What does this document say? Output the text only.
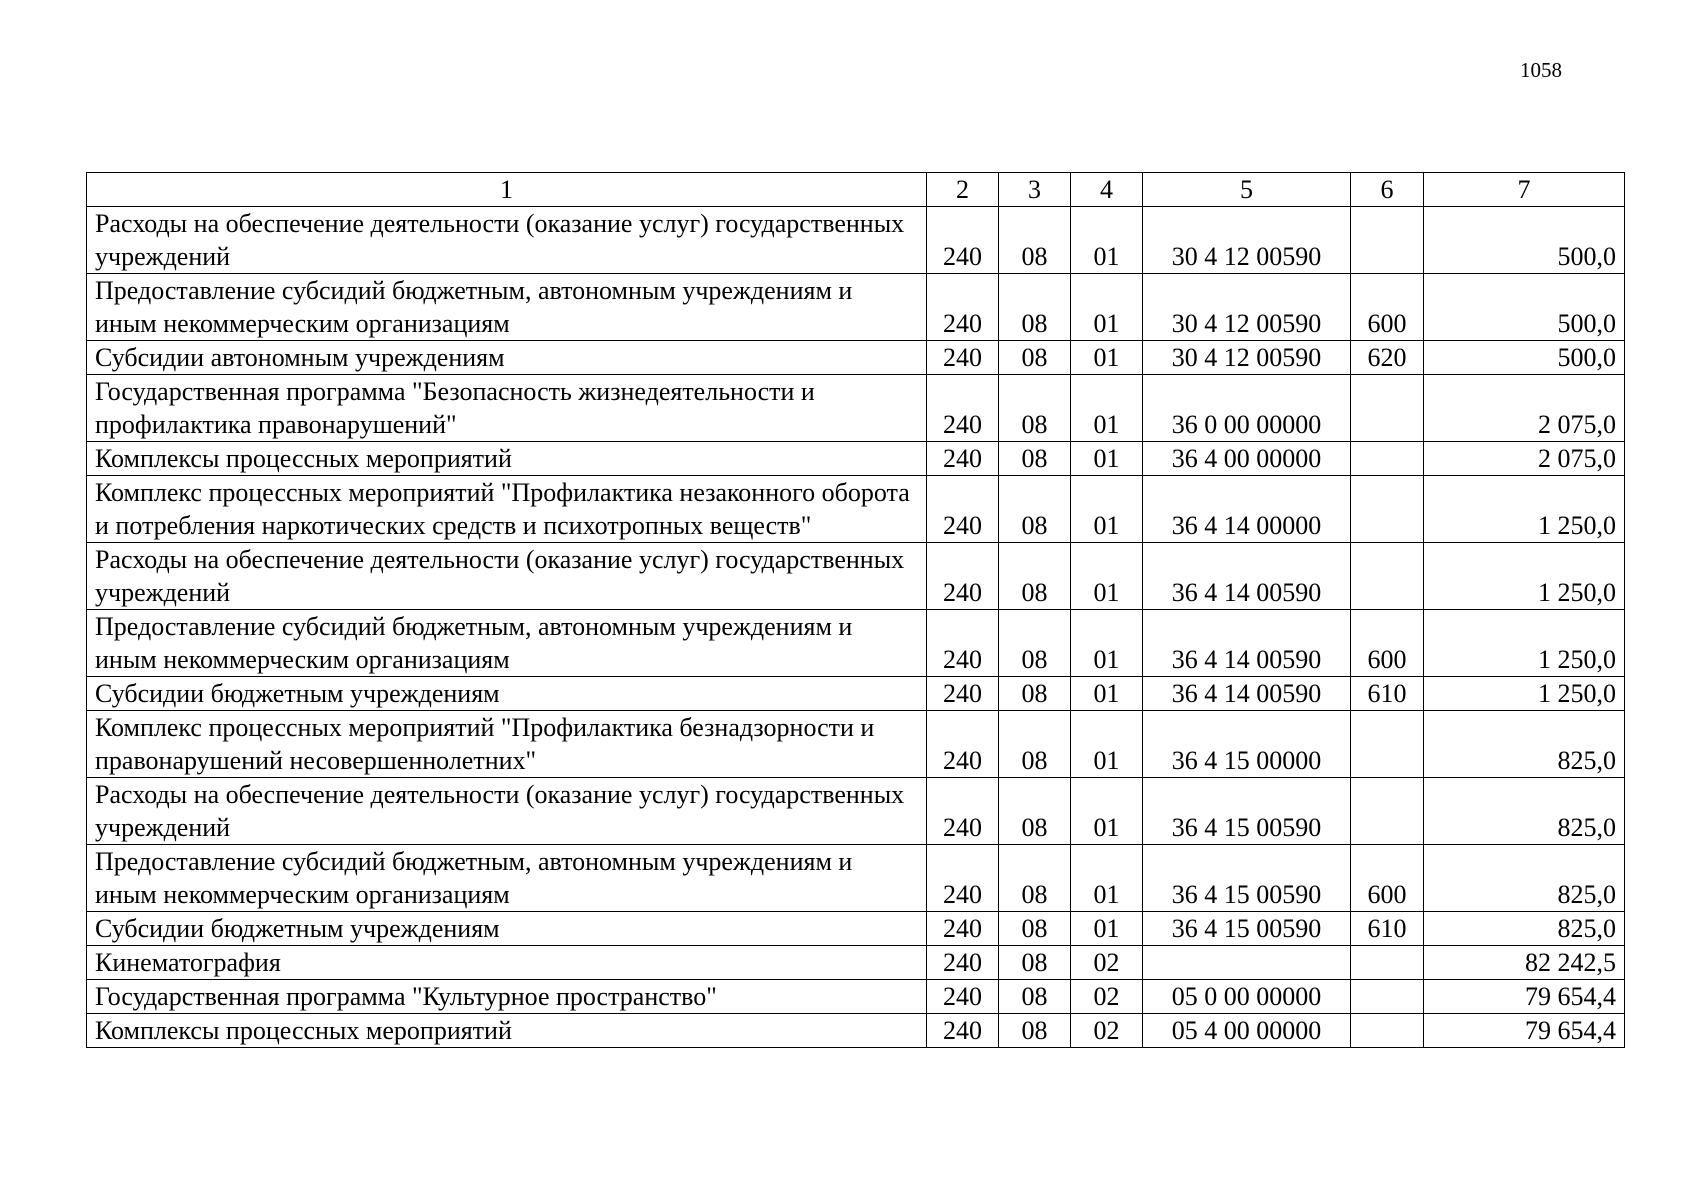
1058
1	2	3	4	5	6	7
Расходы на обеспечение деятельности (оказание услуг) государственных учреждений	240	08	01	30 4 12 00590		500,0
Предоставление субсидий бюджетным, автономным учреждениям и иным некоммерческим организациям	240	08	01	30 4 12 00590	600	500,0
Субсидии автономным учреждениям	240	08	01	30 4 12 00590	620	500,0
Государственная программа "Безопасность жизнедеятельности и профилактика правонарушений"	240	08	01	36 0 00 00000		2 075,0
Комплексы процессных мероприятий	240	08	01	36 4 00 00000		2 075,0
Комплекс процессных мероприятий "Профилактика незаконного оборота и потребления наркотических средств и психотропных веществ"	240	08	01	36 4 14 00000		1 250,0
Расходы на обеспечение деятельности (оказание услуг) государственных учреждений	240	08	01	36 4 14 00590		1 250,0
Предоставление субсидий бюджетным, автономным учреждениям и иным некоммерческим организациям	240	08	01	36 4 14 00590	600	1 250,0
Субсидии бюджетным учреждениям	240	08	01	36 4 14 00590	610	1 250,0
Комплекс процессных мероприятий "Профилактика безнадзорности и правонарушений несовершеннолетних"	240	08	01	36 4 15 00000		825,0
Расходы на обеспечение деятельности (оказание услуг) государственных учреждений	240	08	01	36 4 15 00590		825,0
Предоставление субсидий бюджетным, автономным учреждениям и иным некоммерческим организациям	240	08	01	36 4 15 00590	600	825,0
Субсидии бюджетным учреждениям	240	08	01	36 4 15 00590	610	825,0
Кинематография	240	08	02			82 242,5
Государственная программа "Культурное пространство"	240	08	02	05 0 00 00000		79 654,4
Комплексы процессных мероприятий	240	08	02	05 4 00 00000		79 654,4
